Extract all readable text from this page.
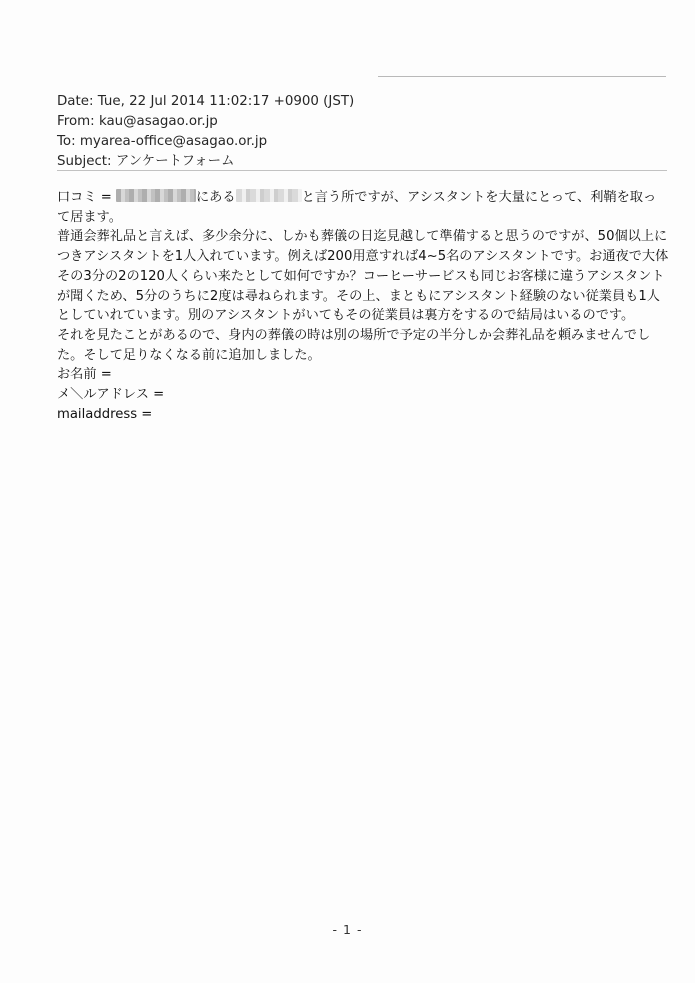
Date: Tue, 22 Jul 2014 11:02:17 +0900 (JST)
From: kau@asagao.or.jp
To: myarea-office@asagao.or.jp
Subject: アンケートフォーム

口コミ =	にある	と言う所ですが、アシスタントを大量にとって、利鞘を取って居ます。

普通会葬礼品と言えば、多少余分に、しかも葬儀の日迄見越して準備すると思うのですが、50個以上につきアシスタントを1人入れています。例えば200用意すれば4~5名のアシスタントです。お通夜で大体その3分の2の120人くらい来たとして如何ですか？コーヒーサービスも同じお客様に違うアシスタントが聞くため、5分のうちに2度は尋ねられます。その上、まともにアシスタント経験のない従業員も1人としていれています。別のアシスタントがいてもその従業員は裏方をするので結局はいるのです。

それを見たことがあるので、身内の葬儀の時は別の場所で予定の半分しか会葬礼品を頼みませんでした。そして足りなくなる前に追加しました。

お名前 =

メ＼ルアドレス =

mailaddress =

- 1 -
